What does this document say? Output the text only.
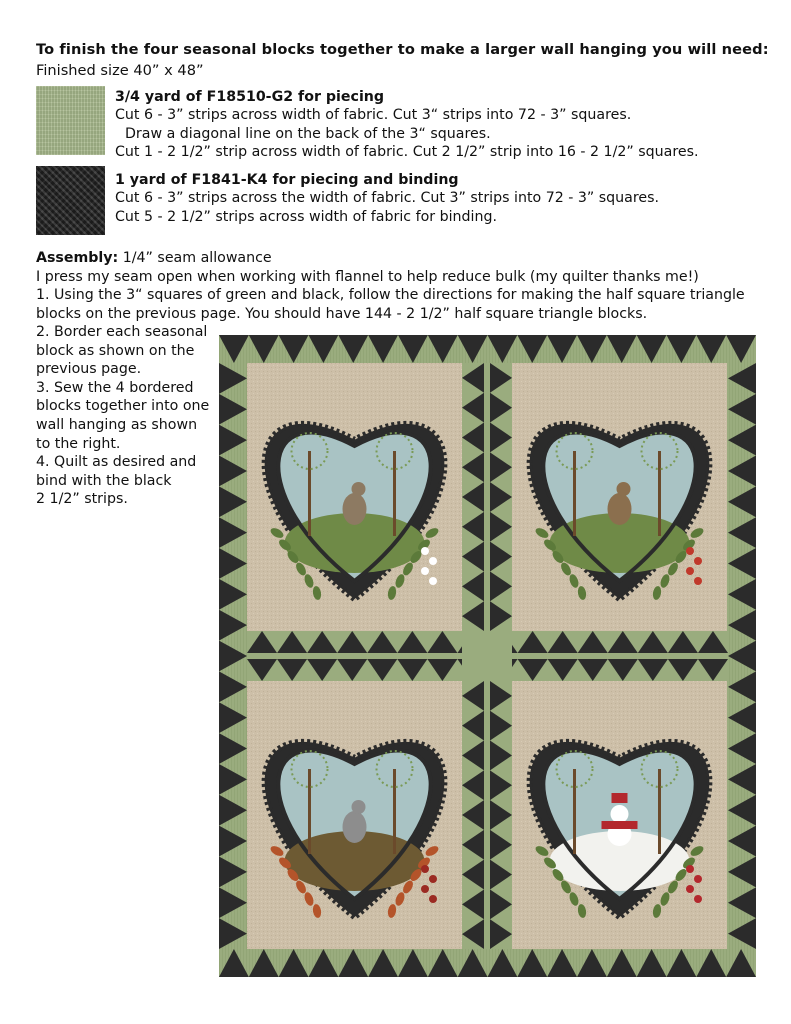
To finish the four seasonal blocks together to make a larger wall hanging you will need:
Finished size 40” x 48”
3/4 yard of F18510-G2 for piecing
Cut 6 - 3” strips across width of fabric. Cut 3“ strips into 72 - 3” squares.
Draw a diagonal line on the back of the 3“ squares.
Cut 1 - 2 1/2” strip across width of fabric. Cut 2 1/2” strip into 16 - 2 1/2” squares.
1 yard of F1841-K4 for piecing and binding
Cut 6 - 3” strips across the width of fabric. Cut 3” strips into 72 - 3” squares.
Cut 5 - 2 1/2” strips across width of fabric for binding.
Assembly: 1/4” seam allowance
I press my seam open when working with flannel to help reduce bulk (my quilter thanks me!)
1. Using the 3“ squares of green and black, follow the directions for making the half square triangle
blocks on the previous page. You should have 144 - 2 1/2” half square triangle blocks.
2. Border each seasonal
block as shown on the
previous page.
3. Sew the 4 bordered
blocks together into one
wall hanging as shown
to the right.
4. Quilt as desired and
bind with the black
2 1/2” strips.
